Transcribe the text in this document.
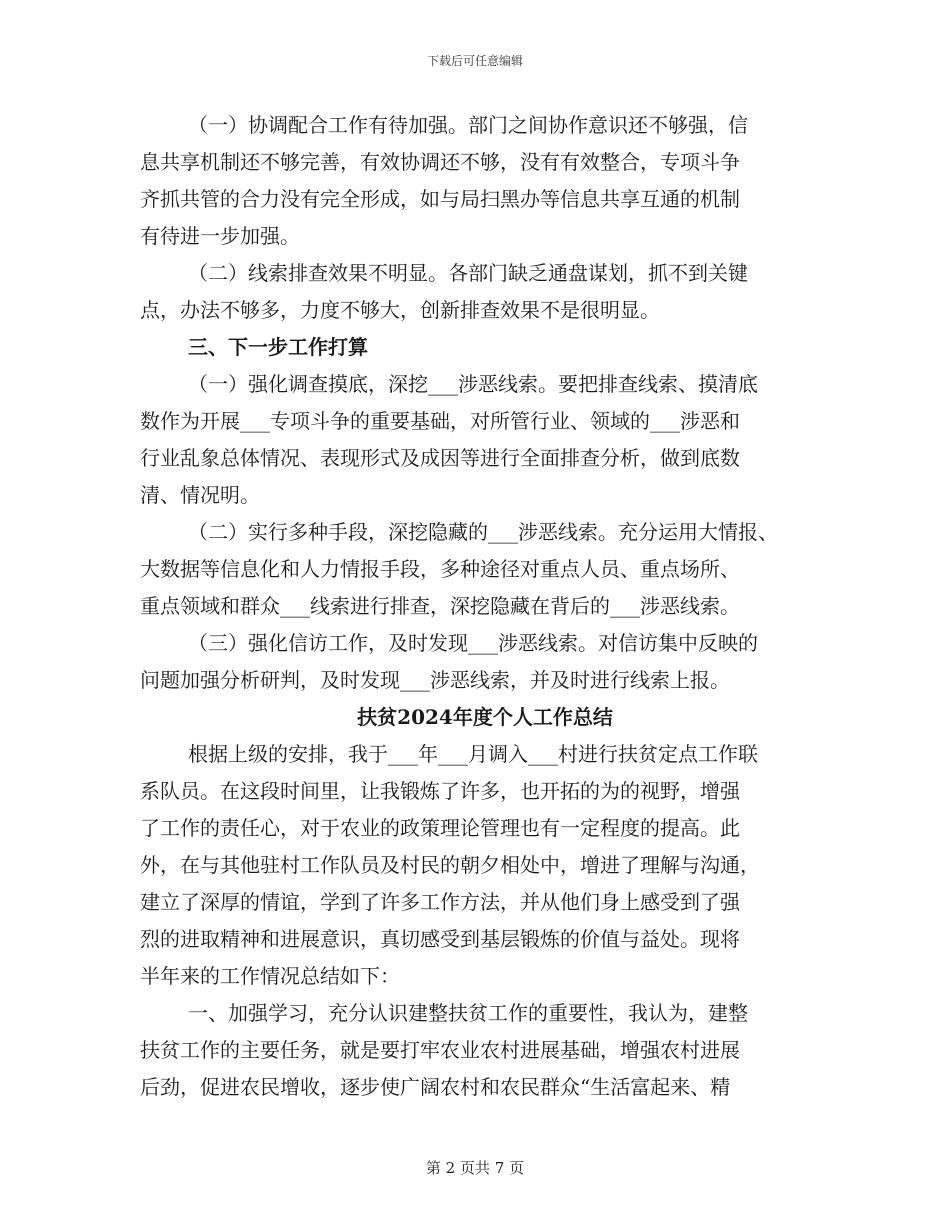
下载后可任意编辑
（一）协调配合工作有待加强。部门之间协作意识还不够强，信
息共享机制还不够完善，有效协调还不够，没有有效整合，专项斗争
齐抓共管的合力没有完全形成，如与局扫黑办等信息共享互通的机制
有待进一步加强。
（二）线索排查效果不明显。各部门缺乏通盘谋划，抓不到关键
点，办法不够多，力度不够大，创新排查效果不是很明显。
三、下一步工作打算
（一）强化调查摸底，深挖___涉恶线索。要把排查线索、摸清底
数作为开展___专项斗争的重要基础，对所管行业、领域的___涉恶和
行业乱象总体情况、表现形式及成因等进行全面排查分析，做到底数
清、情况明。
（二）实行多种手段，深挖隐藏的___涉恶线索。充分运用大情报、
大数据等信息化和人力情报手段，多种途径对重点人员、重点场所、
重点领域和群众___线索进行排查，深挖隐藏在背后的___涉恶线索。
（三）强化信访工作，及时发现___涉恶线索。对信访集中反映的
问题加强分析研判，及时发现___涉恶线索，并及时进行线索上报。
扶贫2024年度个人工作总结
根据上级的安排，我于___年___月调入___村进行扶贫定点工作联
系队员。在这段时间里，让我锻炼了许多，也开拓的为的视野，增强
了工作的责任心，对于农业的政策理论管理也有一定程度的提高。此
外，在与其他驻村工作队员及村民的朝夕相处中，增进了理解与沟通，
建立了深厚的情谊，学到了许多工作方法，并从他们身上感受到了强
烈的进取精神和进展意识，真切感受到基层锻炼的价值与益处。现将
半年来的工作情况总结如下：
一、加强学习，充分认识建整扶贫工作的重要性，我认为，建整
扶贫工作的主要任务，就是要打牢农业农村进展基础，增强农村进展
后劲，促进农民增收，逐步使广阔农村和农民群众“生活富起来、精
第 2 页共 7 页
